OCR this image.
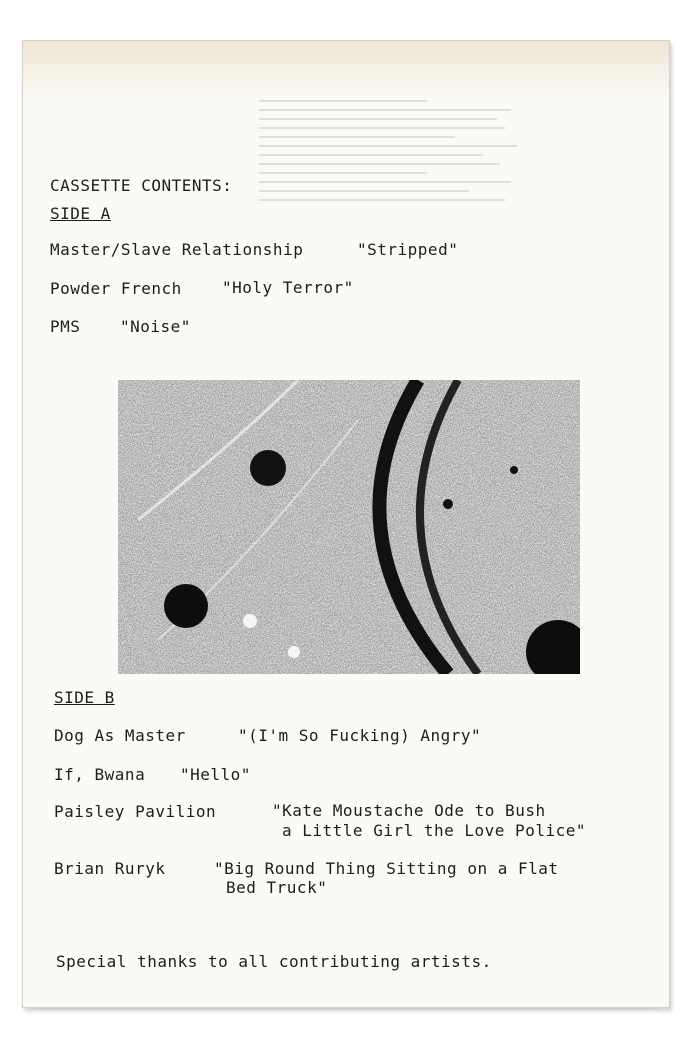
CASSETTE CONTENTS:
SIDE A
Master/Slave Relationship	"Stripped"
Powder French	"Holy Terror"
PMS "Noise"
SIDE B
Dog As Master	"(I'm So Fucking) Angry"
If, Bwana "Hello"
Paisley Pavilion	"Kate Moustache Ode to Bush
a Little Girl the Love Police"
Brian Ruryk	"Big Round Thing Sitting on a Flat
Bed Truck"
Special thanks to all contributing artists.
